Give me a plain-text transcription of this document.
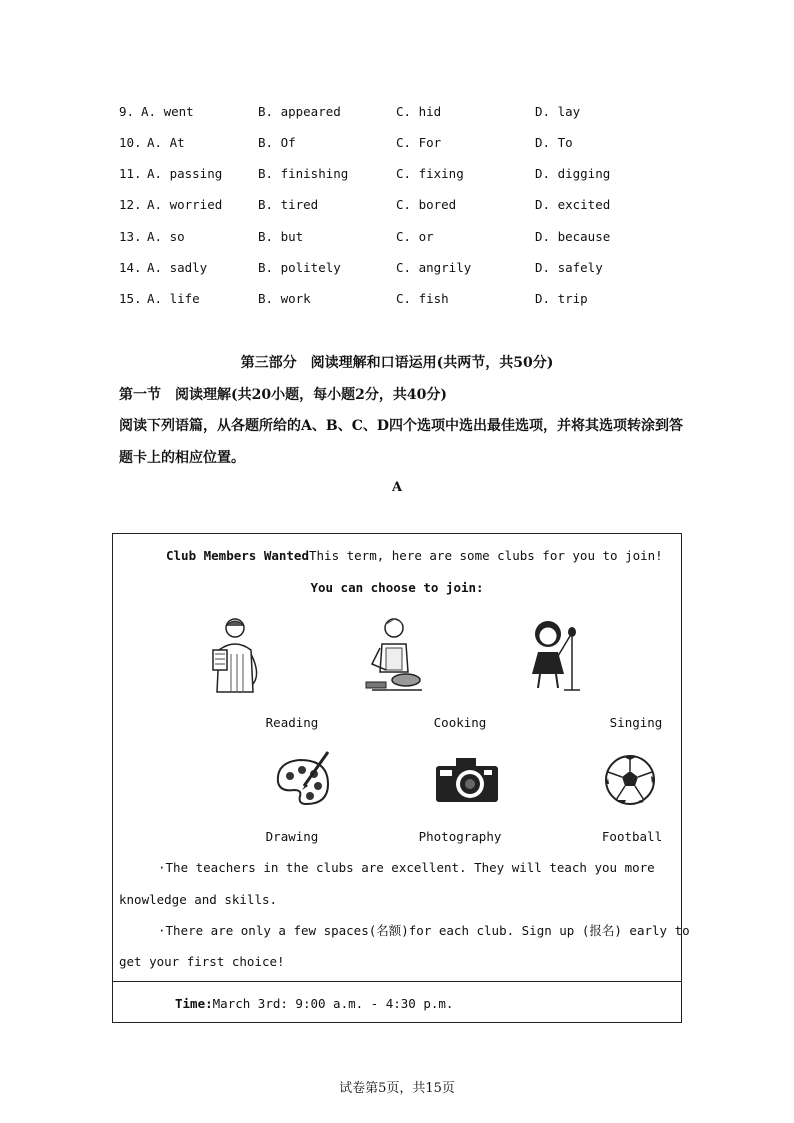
9. A. went	B. appeared	C. hid	D. lay
10. A. At	B. Of	C. For	D. To
11. A. passing	B. finishing	C. fixing	D. digging
12. A. worried	B. tired	C. bored	D. excited
13. A. so	B. but	C. or	D. because
14. A. sadly	B. politely	C. angrily	D. safely
15. A. life	B. work	C. fish	D. trip
第三部分　阅读理解和口语运用(共两节，共50分)
第一节　阅读理解(共20小题，每小题2分，共40分)
阅读下列语篇，从各题所给的A、B、C、D四个选项中选出最佳选项，并将其选项转涂到答
题卡上的相应位置。
A
Club Members WantedThis term, here are some clubs for you to join!
You can choose to join:
Reading	Cooking	Singing
Drawing	Photography	Football
·The teachers in the clubs are excellent. They will teach you more
knowledge and skills.
·There are only a few spaces(名额)for each club. Sign up (报名) early to
get your first choice!
Time:March 3rd: 9:00 a.m. - 4:30 p.m.
试卷第5页，共15页
